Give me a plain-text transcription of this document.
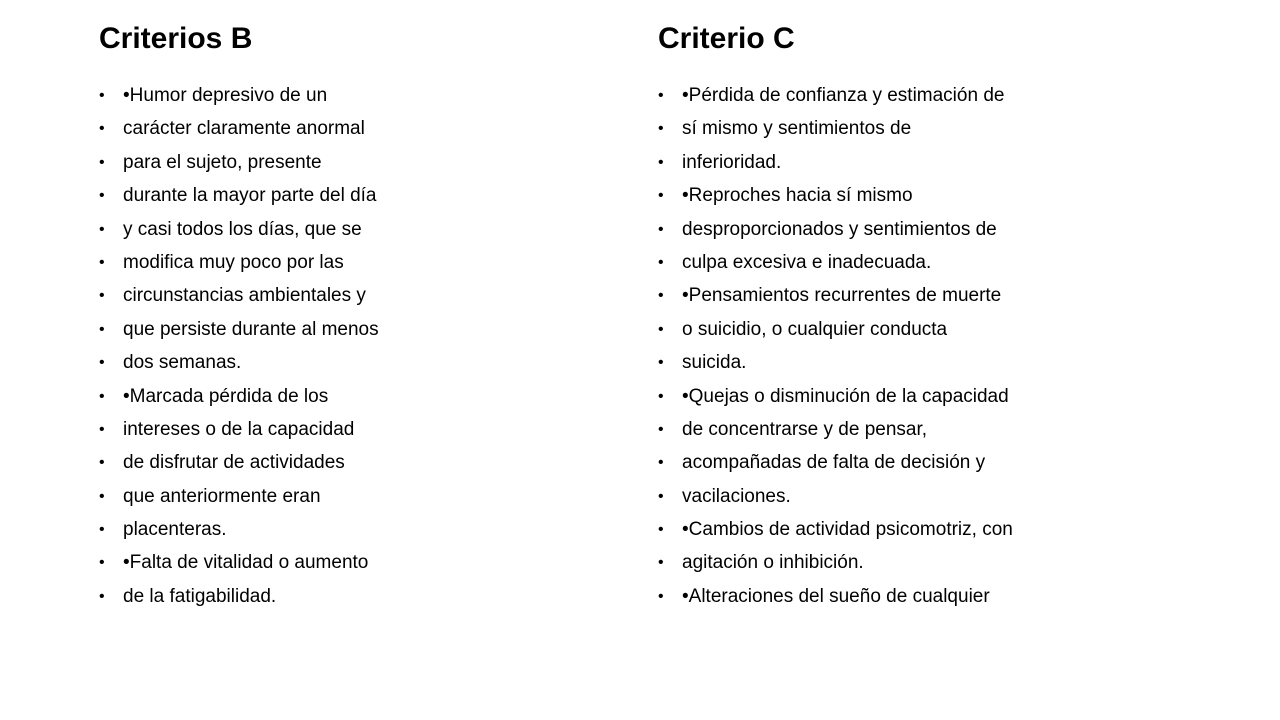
Criterios B
• •Humor depresivo de un
• carácter claramente anormal
• para el sujeto, presente
• durante la mayor parte del día
• y casi todos los días, que se
• modifica muy poco por las
• circunstancias ambientales y
• que persiste durante al menos
• dos semanas.
• •Marcada pérdida de los
• intereses o de la capacidad
• de disfrutar de actividades
• que anteriormente eran
• placenteras.
• •Falta de vitalidad o aumento
• de la fatigabilidad.
Criterio C
• •Pérdida de confianza y estimación de
• sí mismo y sentimientos de
• inferioridad.
• •Reproches hacia sí mismo
• desproporcionados y sentimientos de
• culpa excesiva e inadecuada.
• •Pensamientos recurrentes de muerte
• o suicidio, o cualquier conducta
• suicida.
• •Quejas o disminución de la capacidad
• de concentrarse y de pensar,
• acompañadas de falta de decisión y
• vacilaciones.
• •Cambios de actividad psicomotriz, con
• agitación o inhibición.
• •Alteraciones del sueño de cualquier
